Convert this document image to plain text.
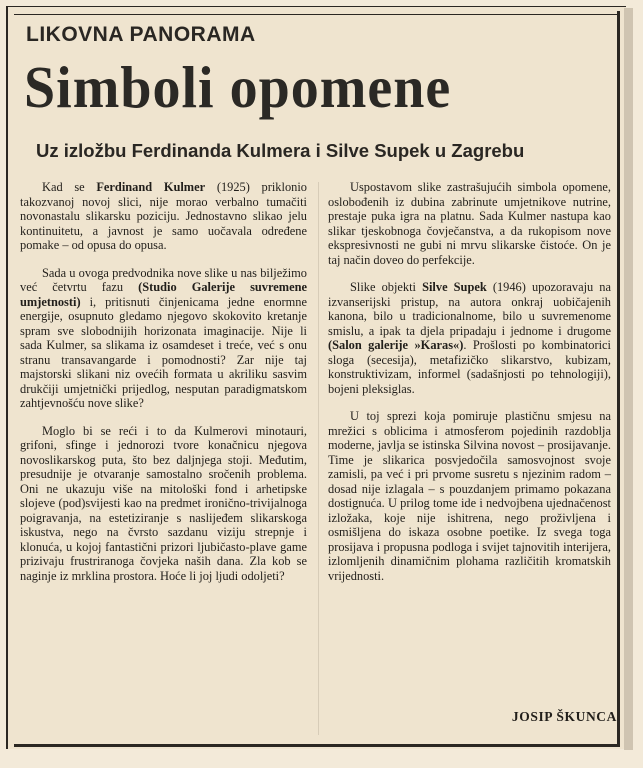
LIKOVNA PANORAMA
Simboli opomene
Uz izložbu Ferdinanda Kulmera i Silve Supek u Zagrebu

Kad se Ferdinand Kulmer (1925) priklonio takozvanoj novoj slici, nije morao verbalno tumačiti novonastalu slikarsku poziciju. Jednostavno slikao jelu kontinuitetu, a javnost je samo uočavala određene pomake – od opusa do opusa.

Sada u ovoga predvodnika nove slike u nas bilježimo već četvrtu fazu (Studio Galerije suvremene umjetnosti) i, pritisnuti činjenicama jedne enormne energije, osupnuto gledamo njegovo skokovito kretanje spram sve slobodnijih horizonata imaginacije. Nije li sada Kulmer, sa slikama iz osamdeset i treće, već s onu stranu transavangarde i pomodnosti? Zar nije taj majstorski slikani niz ovećih formata u akriliku sasvim drukčiji umjetnički prijedlog, nesputan paradigmatskom zahtjevnošću nove slike?

Moglo bi se reći i to da Kulmerovi minotauri, grifoni, sfinge i jednorozi tvore konačnicu njegova novoslikarskog puta, što bez daljnjega stoji. Međutim, presudnije je otvaranje samostalno sročenih problema. Oni ne ukazuju više na mitološki fond i arhetipske slojeve (pod)svijesti kao na predmet ironično-trivijalnoga poigravanja, na estetiziranje s naslijeđem slikarskoga iskustva, nego na čvrsto sazdanu viziju strepnje i klonuća, u kojoj fantastični prizori ljubičasto-plave game prizivaju frustriranoga čovjeka naših dana. Zla kob se naginje iz mrklina prostora. Hoće li joj ljudi odoljeti?

Uspostavom slike zastrašujućih simbola opomene, oslobođenih iz dubina zabrinute umjetnikove nutrine, prestaje puka igra na platnu. Sada Kulmer nastupa kao slikar tjeskobnoga čovječanstva, a da rukopisom nove ekspresivnosti ne gubi ni mrvu slikarske čistoće. On je taj način doveo do perfekcije.

Slike objekti Silve Supek (1946) upozoravaju na izvanserijski pristup, na autora onkraj uobičajenih kanona, bilo u tradicionalnome, bilo u suvremenome smislu, a ipak ta djela pripadaju i jednome i drugome (Salon galerije »Karas«). Prošlosti po kombinatorici sloga (secesija), metafizičko slikarstvo, kubizam, konstruktivizam, informel (sadašnjosti po tehnologiji), bojeni pleksiglas.

U toj sprezi koja pomiruje plastičnu smjesu na mrežici s oblicima i atmosferom pojedinih razdoblja moderne, javlja se istinska Silvina novost – prosijavanje. Time je slikarica posvjedočila samosvojnost svoje zamisli, pa već i pri prvome susretu s njezinim radom – dosad nije izlagala – s pouzdanjem primamo pokazana dostignuća. U prilog tome ide i nedvojbena ujednačenost izložaka, koje nije ishitrena, nego proživljena i osmišljena do iskaza osobne poetike. Iz svega toga prosijava i propusna podloga i svijet tajnovitih interijera, izlomljenih dinamičnim plohama različitih kromatskih vrijednosti.

JOSIP ŠKUNCA
